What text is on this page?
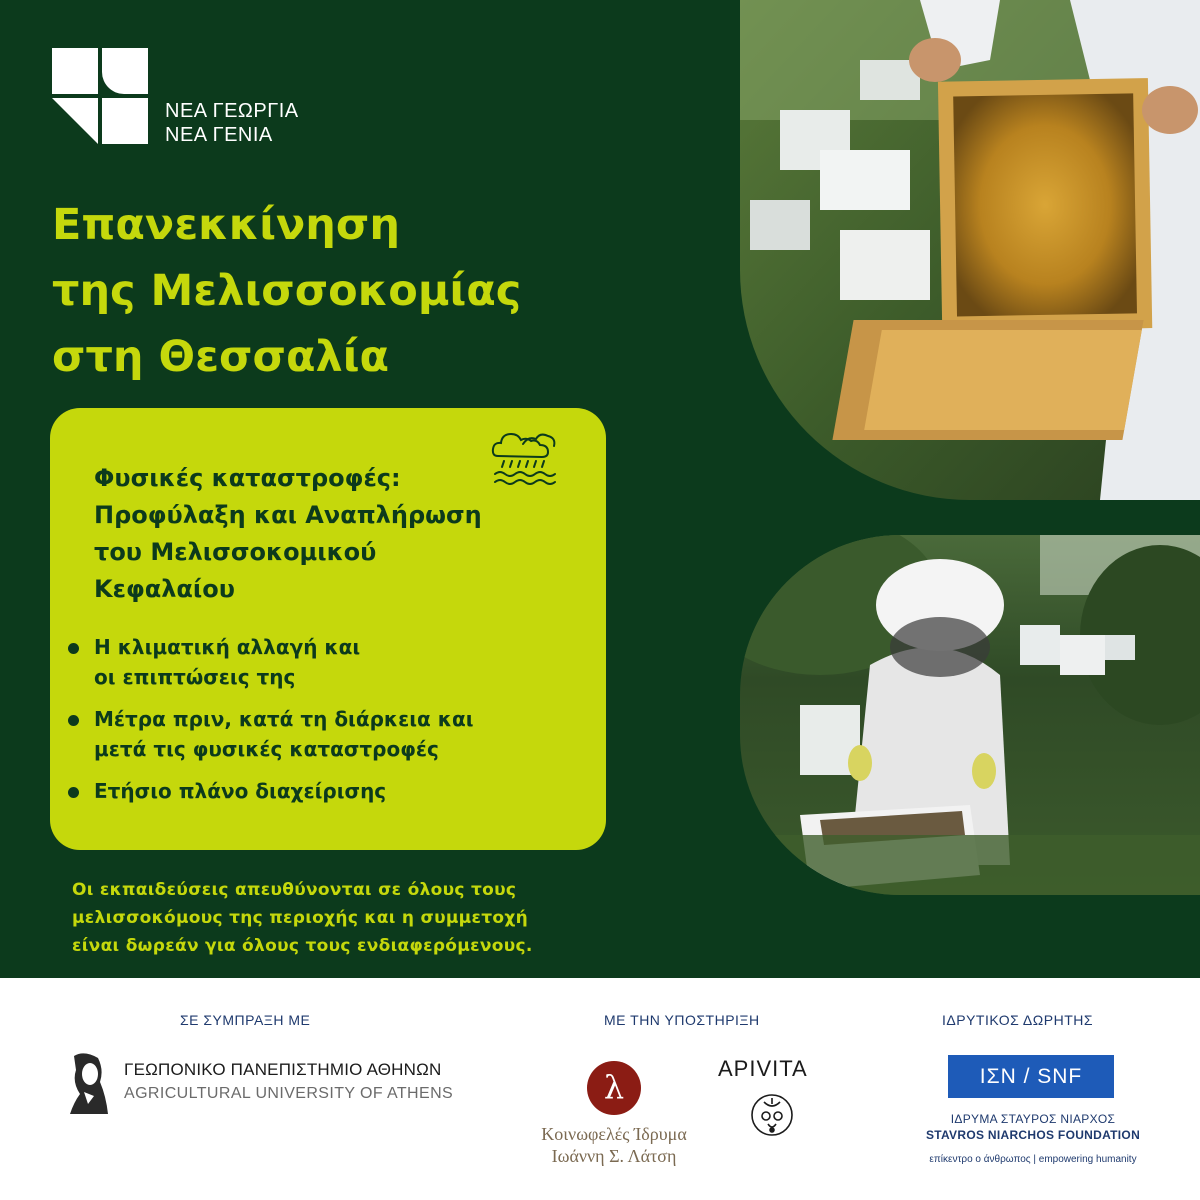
ΝΕΑ ΓΕΩΡΓΙΑ
ΝΕΑ ΓΕΝΙΑ
Επανεκκίνηση
της Μελισσοκομίας
στη Θεσσαλία
Φυσικές καταστροφές:
Προφύλαξη και Αναπλήρωση
του Μελισσοκομικού
Κεφαλαίου
Η κλιματική αλλαγή και
οι επιπτώσεις της
Μέτρα πριν, κατά τη διάρκεια και
μετά τις φυσικές καταστροφές
Ετήσιο πλάνο διαχείρισης

Οι εκπαιδεύσεις απευθύνονται σε όλους τους
μελισσοκόμους της περιοχής και η συμμετοχή
είναι δωρεάν για όλους τους ενδιαφερόμενους.

ΣΕ ΣΥΜΠΡΑΞΗ ΜΕ	ΜΕ ΤΗΝ ΥΠΟΣΤΗΡΙΞΗ	ΙΔΡΥΤΙΚΟΣ ΔΩΡΗΤΗΣ
ΓΕΩΠΟΝΙΚΟ ΠΑΝΕΠΙΣΤΗΜΙΟ ΑΘΗΝΩΝ
AGRICULTURAL UNIVERSITY OF ATHENS	λ
Κοινωφελές Ίδρυμα
Ιωάννη Σ. Λάτση
APIVITA	ΙΣΝ / SNF
ΙΔΡΥΜΑ ΣΤΑΥΡΟΣ ΝΙΑΡΧΟΣ
STAVROS NIARCHOS FOUNDATION
επίκεντρο ο άνθρωπος | empowering humanity
